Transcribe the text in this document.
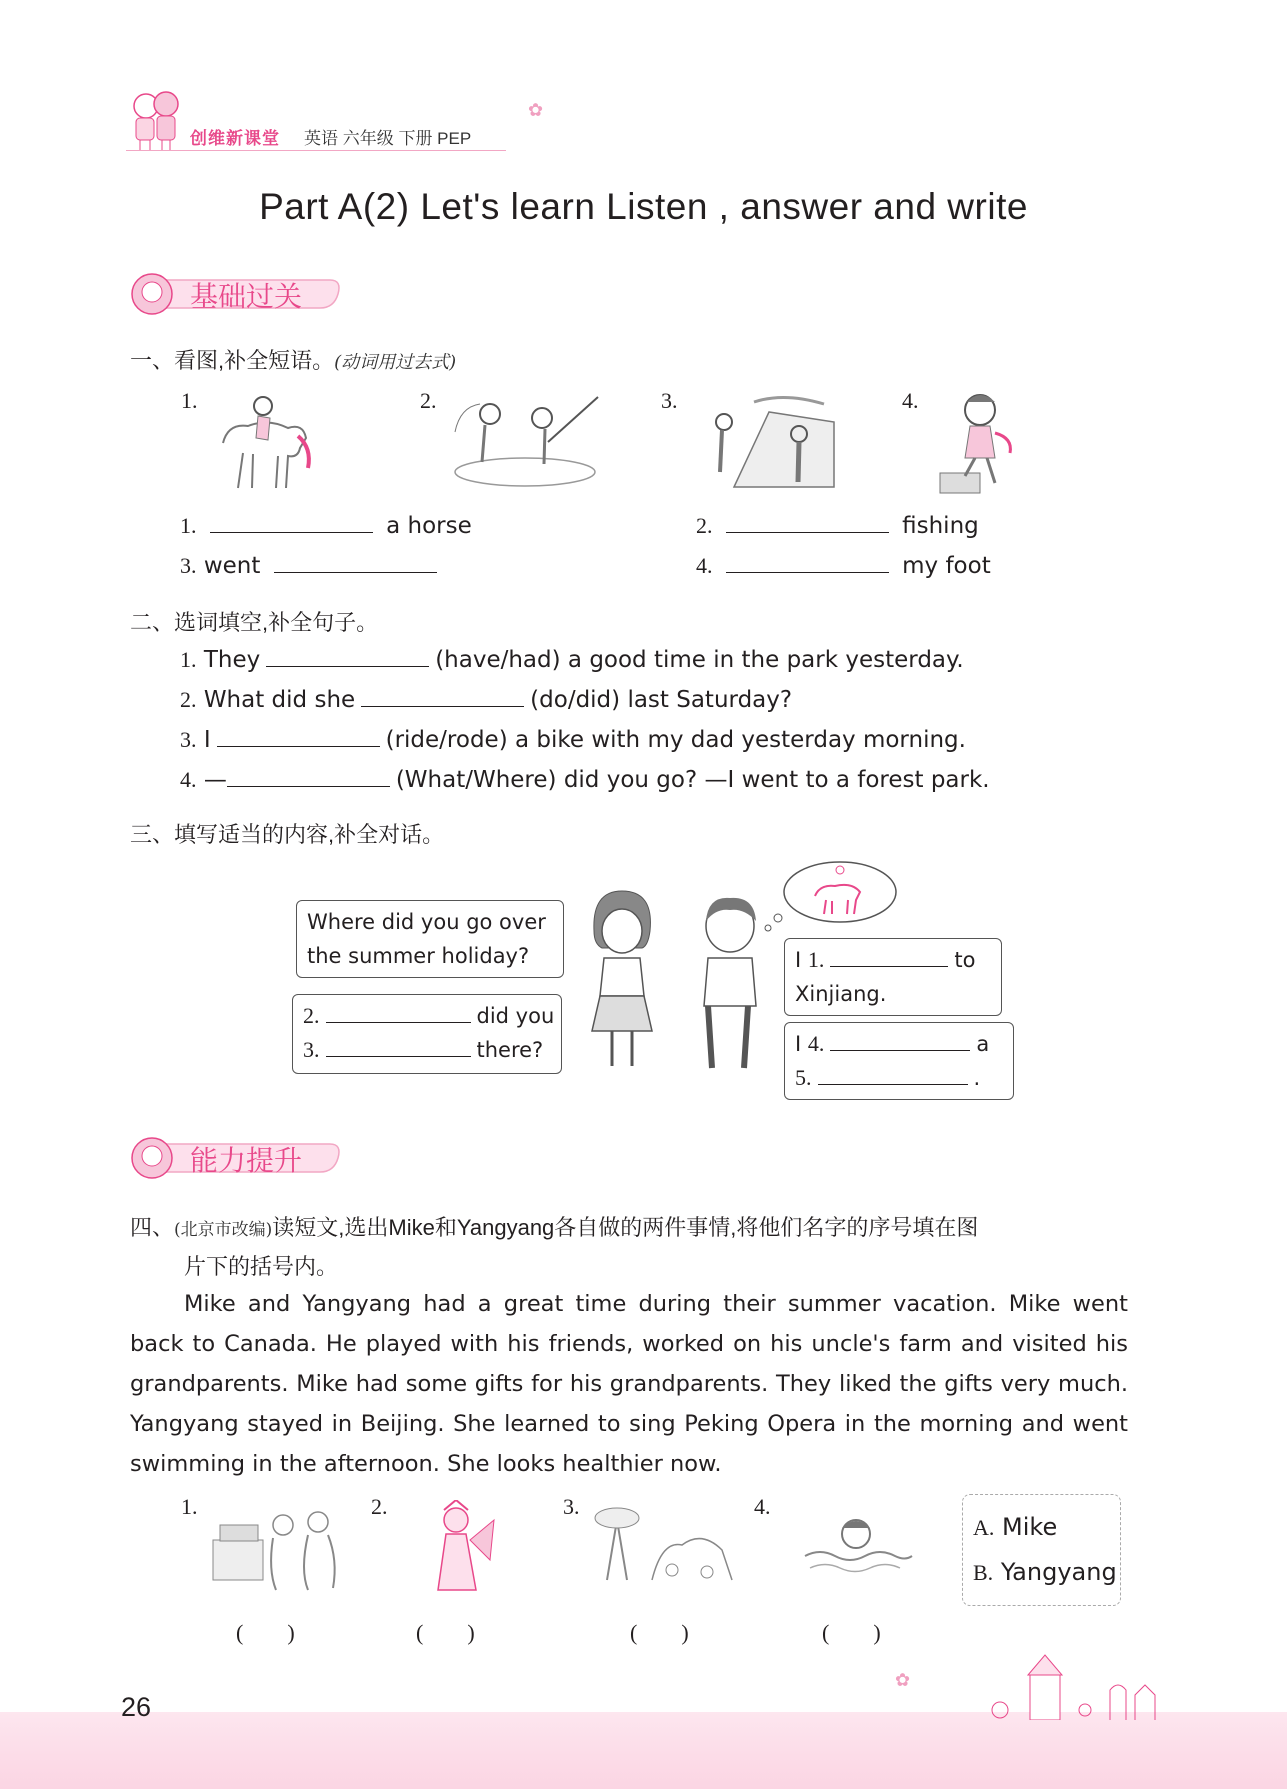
创维新课堂 英语 六年级 下册 PEP
✿
Part A(2) Let's learn Listen , answer and write
基础过关
一、看图,补全短语。(动词用过去式)
1.	2.	3.	4.
1.	a horse	2.	fishing
3. went	4.	my foot
二、选词填空,补全句子。
1. They	(have/had) a good time in the park yesterday.
2. What did she	(do/did) last Saturday?
3. I	(ride/rode) a bike with my dad yesterday morning.
4. —	(What/Where) did you go? —I went to a forest park.
三、填写适当的内容,补全对话。
Where did you go over
the summer holiday?
2.	did you
3.	there?
I 1.	to
Xinjiang.
I 4.	a
5.	.
能力提升
四、(北京市改编)读短文,选出Mike和Yangyang各自做的两件事情,将他们名字的序号填在图
片下的括号内。

Mike and Yangyang had a great time during their summer vacation. Mike went back to Canada. He played with his friends, worked on his uncle's farm and visited his grandparents. Mike had some gifts for his grandparents. They liked the gifts very much. Yangyang stayed in Beijing. She learned to sing Peking Opera in the morning and went swimming in the afternoon. She looks healthier now.

1.	2.	3.	4.
A. Mike
B. Yangyang
(        )	(        )	(        )	(        )
✿
26
